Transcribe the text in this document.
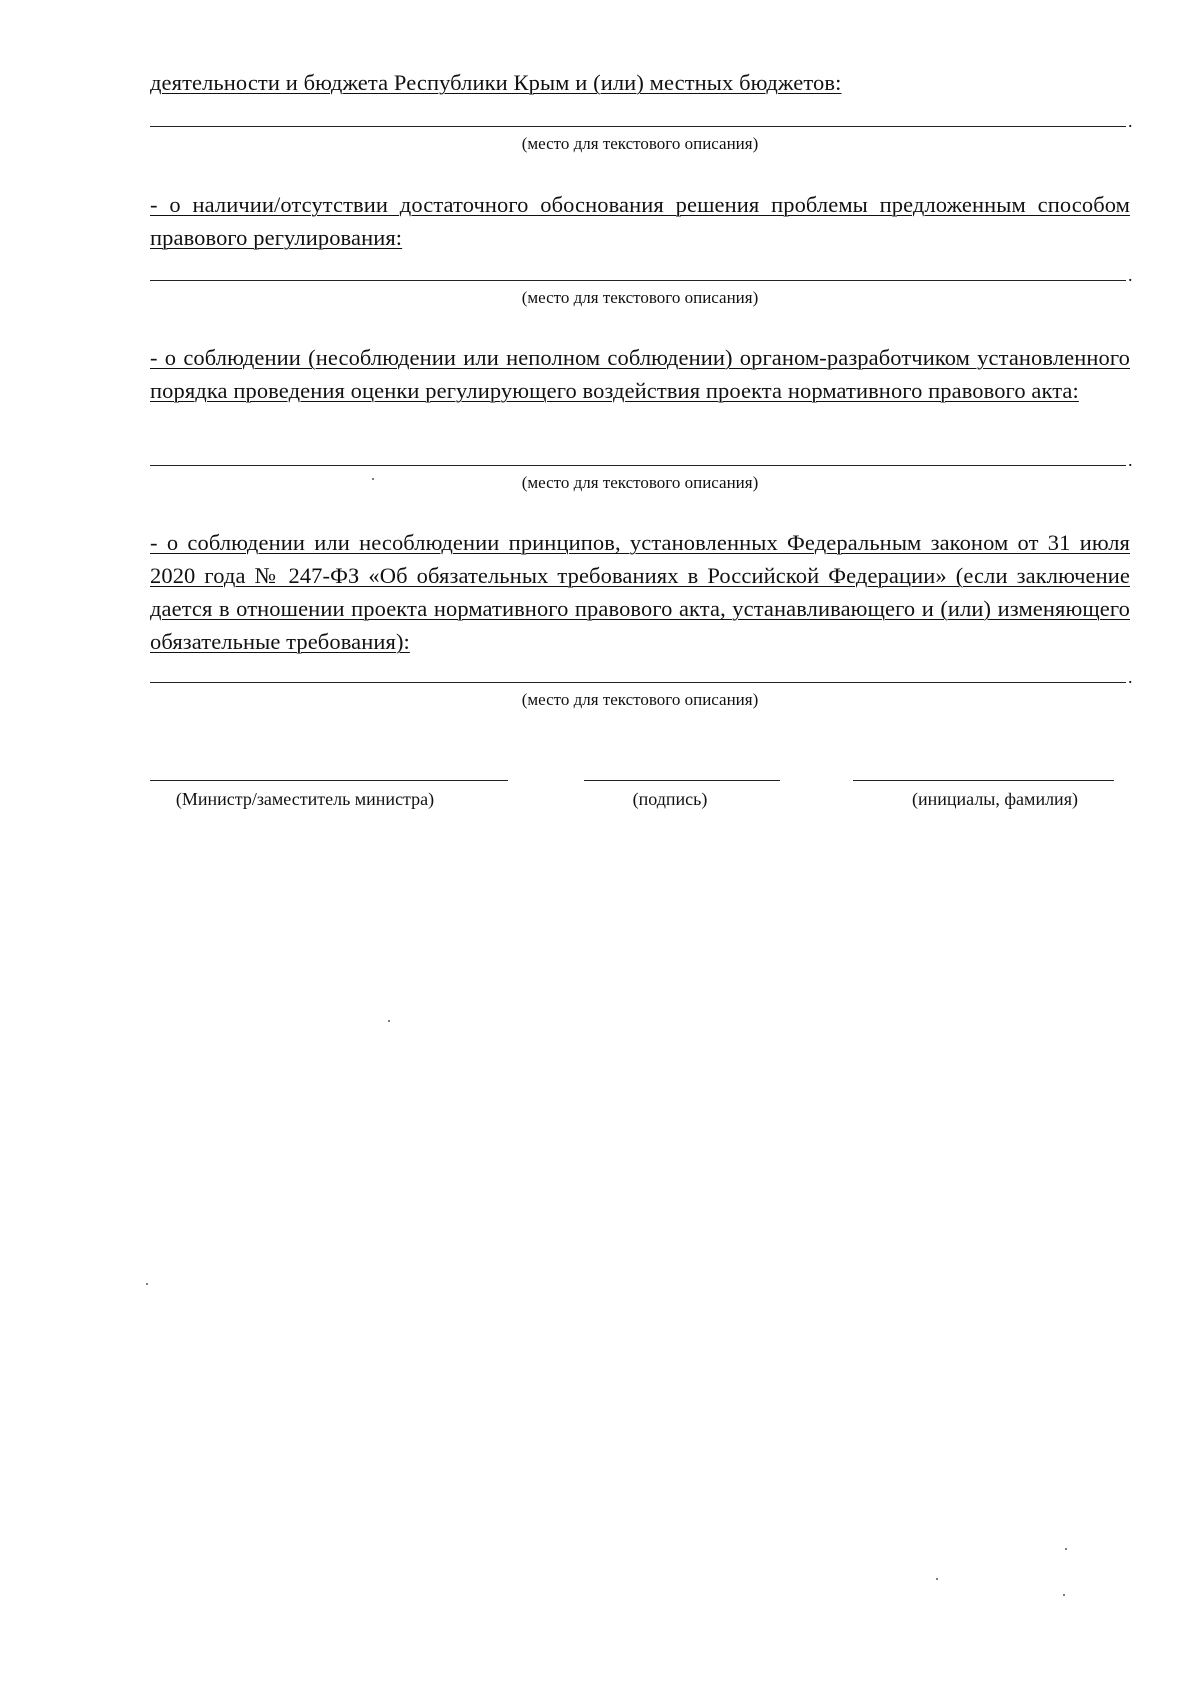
деятельности и бюджета Республики Крым и (или) местных бюджетов:
.
(место для текстового описания)
- о наличии/отсутствии достаточного обоснования решения проблемы предложенным способом правового регулирования:
.
(место для текстового описания)
- о соблюдении (несоблюдении или неполном соблюдении) органом-разработчиком установленного порядка проведения оценки регулирующего воздействия проекта нормативного правового акта:
.
(место для текстового описания)
- о соблюдении или несоблюдении принципов, установленных Федеральным законом от 31 июля 2020 года № 247-ФЗ «Об обязательных требованиях в Российской Федерации» (если заключение дается в отношении проекта нормативного правового акта, устанавливающего и (или) изменяющего обязательные требования):
.
(место для текстового описания)
(Министр/заместитель министра)	(подпись)	(инициалы, фамилия)
